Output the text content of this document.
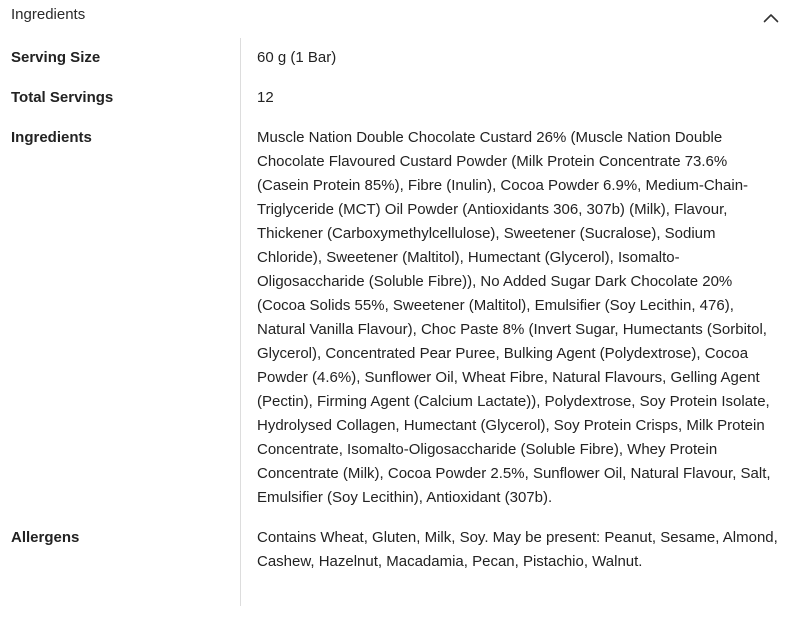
Ingredients
Serving Size	60 g (1 Bar)
Total Servings	12
Ingredients	Muscle Nation Double Chocolate Custard 26% (Muscle Nation Double Chocolate Flavoured Custard Powder (Milk Protein Concentrate 73.6% (Casein Protein 85%), Fibre (Inulin), Cocoa Powder 6.9%, Medium-Chain-Triglyceride (MCT) Oil Powder (Antioxidants 306, 307b) (Milk), Flavour, Thickener (Carboxymethylcellulose), Sweetener (Sucralose), Sodium Chloride), Sweetener (Maltitol), Humectant (Glycerol), Isomalto-Oligosaccharide (Soluble Fibre)), No Added Sugar Dark Chocolate 20% (Cocoa Solids 55%, Sweetener (Maltitol), Emulsifier (Soy Lecithin, 476), Natural Vanilla Flavour), Choc Paste 8% (Invert Sugar, Humectants (Sorbitol, Glycerol), Concentrated Pear Puree, Bulking Agent (Polydextrose), Cocoa Powder (4.6%), Sunflower Oil, Wheat Fibre, Natural Flavours, Gelling Agent (Pectin), Firming Agent (Calcium Lactate)), Polydextrose, Soy Protein Isolate, Hydrolysed Collagen, Humectant (Glycerol), Soy Protein Crisps, Milk Protein Concentrate, Isomalto-Oligosaccharide (Soluble Fibre), Whey Protein Concentrate (Milk), Cocoa Powder 2.5%, Sunflower Oil, Natural Flavour, Salt, Emulsifier (Soy Lecithin), Antioxidant (307b).
Allergens	Contains Wheat, Gluten, Milk, Soy. May be present: Peanut, Sesame, Almond, Cashew, Hazelnut, Macadamia, Pecan, Pistachio, Walnut.
